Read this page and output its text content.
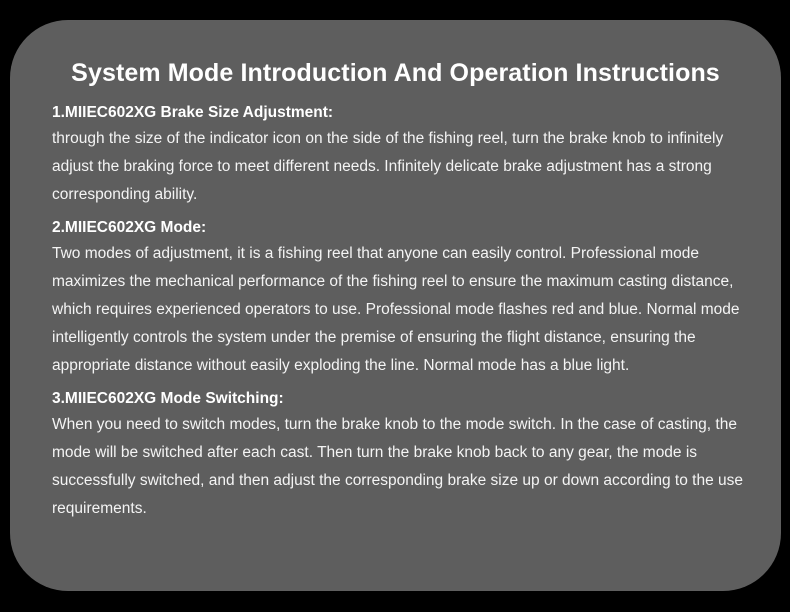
System Mode Introduction And Operation Instructions

1.MIIEC602XG Brake Size Adjustment:

through the size of the indicator icon on the side of the fishing reel, turn the brake knob to infinitely adjust the braking force to meet different needs. Infinitely delicate brake adjustment has a strong corresponding ability.

2.MIIEC602XG Mode:

Two modes of adjustment, it is a fishing reel that anyone can easily control. Professional mode maximizes the mechanical performance of the fishing reel to ensure the maximum casting distance, which requires experienced operators to use. Professional mode flashes red and blue. Normal mode intelligently controls the system under the premise of ensuring the flight distance, ensuring the appropriate distance without easily exploding the line. Normal mode has a blue light.

3.MIIEC602XG Mode Switching:

When you need to switch modes, turn the brake knob to the mode switch. In the case of casting, the mode will be switched after each cast. Then turn the brake knob back to any gear, the mode is successfully switched, and then adjust the corresponding brake size up or down according to the use requirements.
